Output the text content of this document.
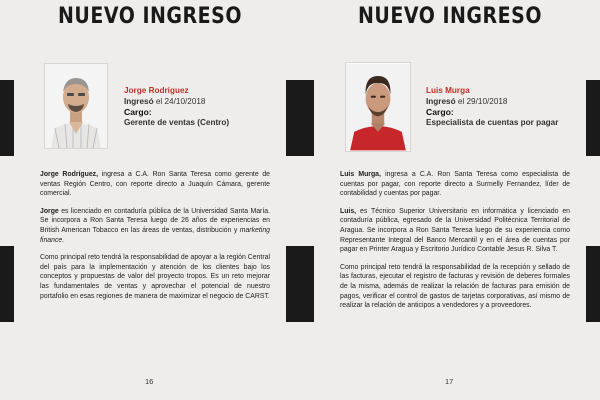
NUEVO INGRESO
Jorge Rodríguez
Ingresó el 24/10/2018
Cargo:
Gerente de ventas (Centro)

Jorge Rodríguez, ingresa a C.A. Ron Santa Teresa como gerente de ventas Región Centro, con reporte directo a Juaquín Cámara, gerente comercial.

Jorge es licenciado en contaduría pública de la Universidad Santa María. Se incorpora a Ron Santa Teresa luego de 26 años de experiencias en British American Tobacco en las áreas de ventas, distribución y marketing finance.

Como principal reto tendrá la responsabilidad de apoyar a la región Central del país para la implementación y atención de los clientes bajo los conceptos y propuestas de valor del proyecto tropos. Es un reto mejorar las fundamentales de ventas y aprovechar el potencial de nuestro portafolio en esas regiones de manera de maximizar el negocio de CARST.

16
NUEVO INGRESO
Luis Murga
Ingresó el 29/10/2018
Cargo:
Especialista de cuentas por pagar

Luis Murga, ingresa a C.A. Ron Santa Teresa como especialista de cuentas por pagar, con reporte directo a Surmelly Fernandez, líder de contabilidad y cuentas por pagar.

Luis, es Técnico Superior Universitario en informática y licenciado en contaduría pública, egresado de la Universidad Politécnica Territorial de Aragua. Se incorpora a Ron Santa Teresa luego de su experiencia como Representante Integral del Banco Mercantil y en el área de cuentas por pagar en Printer Aragua y Escritorio Jurídico Contable Jesus R. Silva T.

Como principal reto tendrá la responsabilidad de la recepción y sellado de las facturas, ejecutar el registro de facturas y revisión de deberes formales de la misma, además de realizar la relación de facturas para emisión de pagos, verificar el control de gastos de tarjetas corporativas, así mismo de realizar la relación de anticipos a vendedores y a proveedores.

17
